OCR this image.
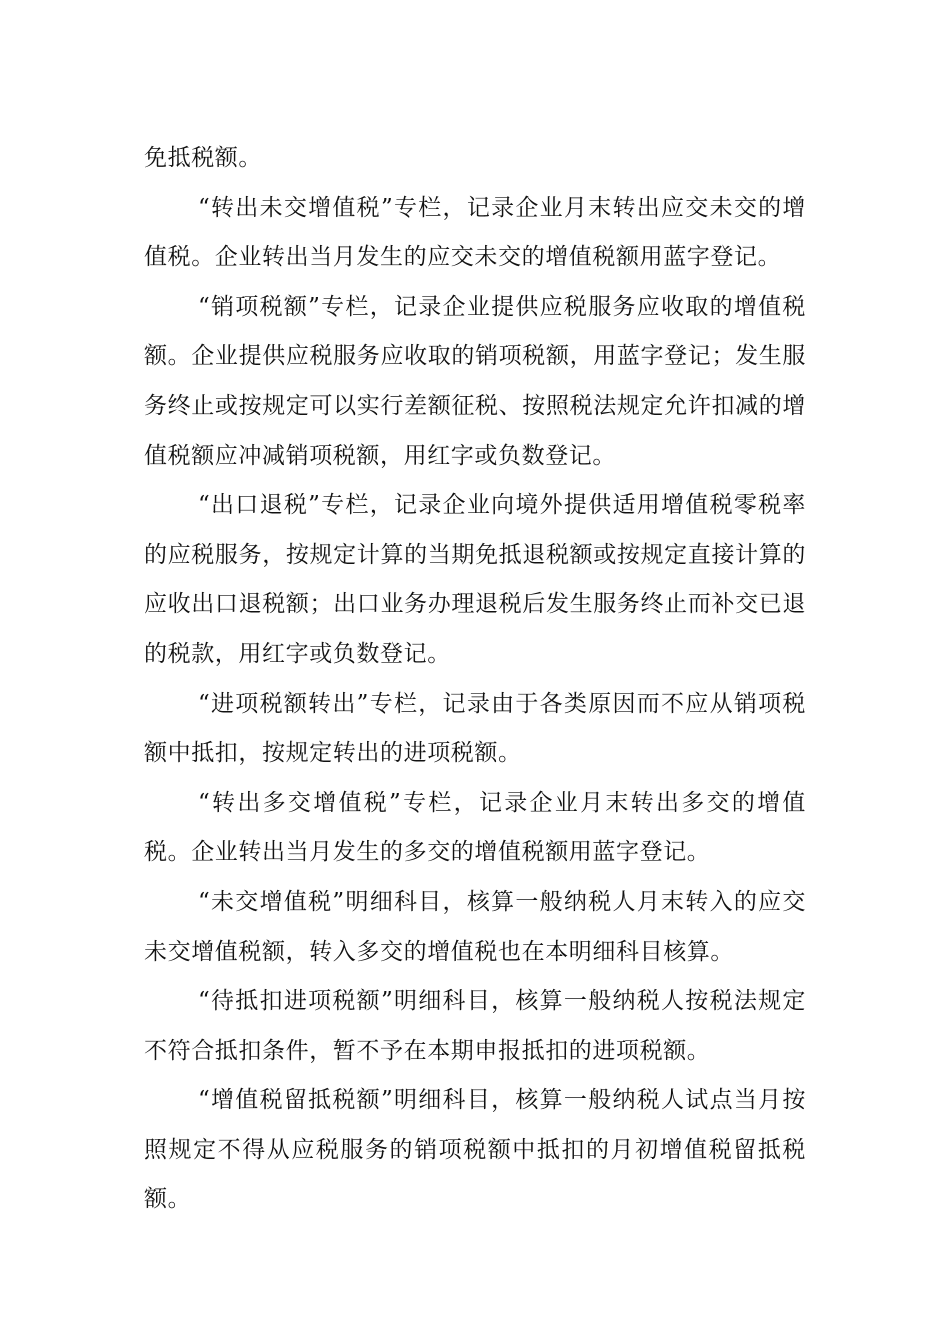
免抵税额。

“转出未交增值税”专栏，记录企业月末转出应交未交的增值税。企业转出当月发生的应交未交的增值税额用蓝字登记。

“销项税额”专栏，记录企业提供应税服务应收取的增值税额。企业提供应税服务应收取的销项税额，用蓝字登记；发生服务终止或按规定可以实行差额征税、按照税法规定允许扣减的增值税额应冲减销项税额，用红字或负数登记。

“出口退税”专栏，记录企业向境外提供适用增值税零税率的应税服务，按规定计算的当期免抵退税额或按规定直接计算的应收出口退税额；出口业务办理退税后发生服务终止而补交已退的税款，用红字或负数登记。

“进项税额转出”专栏，记录由于各类原因而不应从销项税额中抵扣，按规定转出的进项税额。

“转出多交增值税”专栏，记录企业月末转出多交的增值税。企业转出当月发生的多交的增值税额用蓝字登记。

“未交增值税”明细科目，核算一般纳税人月末转入的应交未交增值税额，转入多交的增值税也在本明细科目核算。

“待抵扣进项税额”明细科目，核算一般纳税人按税法规定不符合抵扣条件，暂不予在本期申报抵扣的进项税额。

“增值税留抵税额”明细科目，核算一般纳税人试点当月按照规定不得从应税服务的销项税额中抵扣的月初增值税留抵税额。
